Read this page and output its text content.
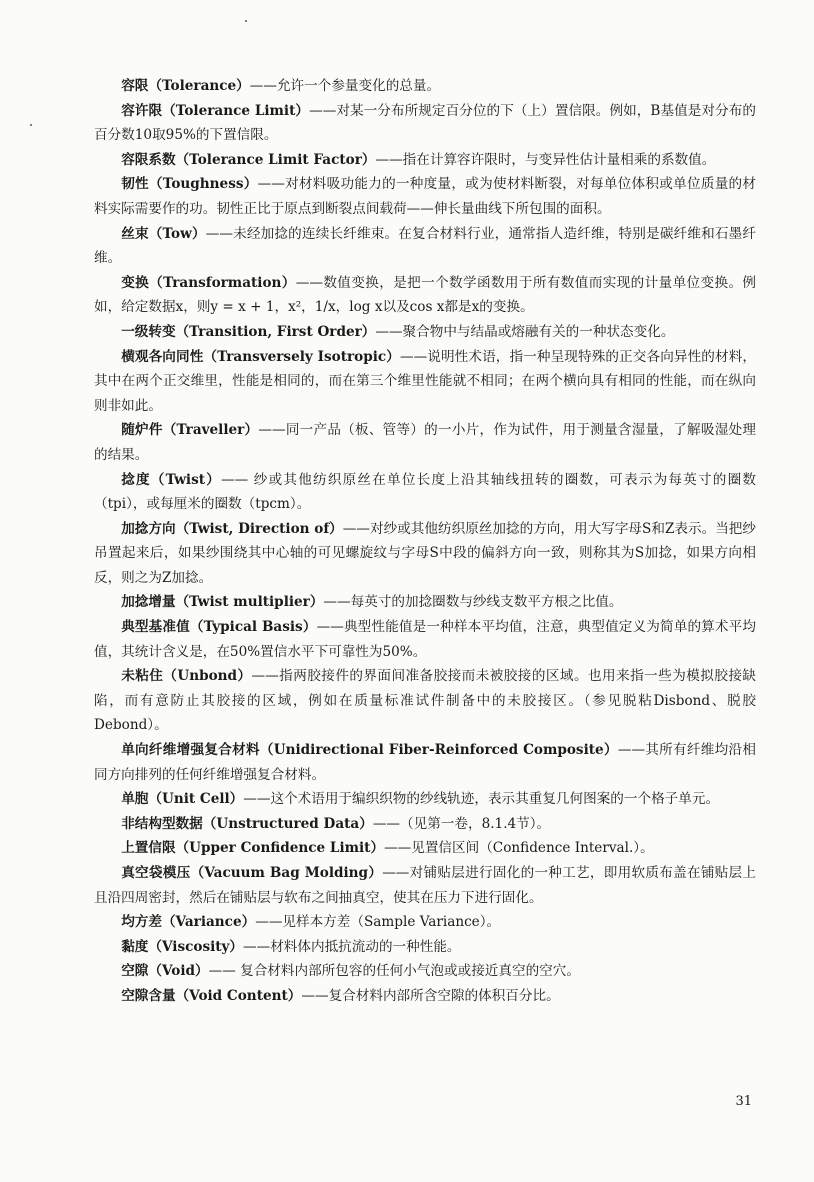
容限（Tolerance）——允许一个参量变化的总量。

容许限（Tolerance Limit）——对某一分布所规定百分位的下（上）置信限。例如，B基值是对分布的百分数10取95%的下置信限。

容限系数（Tolerance Limit Factor）——指在计算容许限时，与变异性估计量相乘的系数值。

韧性（Toughness）——对材料吸功能力的一种度量，或为使材料断裂，对每单位体积或单位质量的材料实际需要作的功。韧性正比于原点到断裂点间载荷——伸长量曲线下所包围的面积。

丝束（Tow）——未经加捻的连续长纤维束。在复合材料行业，通常指人造纤维，特别是碳纤维和石墨纤维。

变换（Transformation）——数值变换，是把一个数学函数用于所有数值而实现的计量单位变换。例如，给定数据x，则y = x + 1，x²，1/x，log x以及cos x都是x的变换。

一级转变（Transition, First Order）——聚合物中与结晶或熔融有关的一种状态变化。

横观各向同性（Transversely Isotropic）——说明性术语，指一种呈现特殊的正交各向异性的材料，其中在两个正交维里，性能是相同的，而在第三个维里性能就不相同；在两个横向具有相同的性能，而在纵向则非如此。

随炉件（Traveller）——同一产品（板、管等）的一小片，作为试件，用于测量含湿量，了解吸湿处理的结果。

捻度（Twist）—— 纱或其他纺织原丝在单位长度上沿其轴线扭转的圈数，可表示为每英寸的圈数（tpi），或每厘米的圈数（tpcm）。

加捻方向（Twist, Direction of）——对纱或其他纺织原丝加捻的方向，用大写字母S和Z表示。当把纱吊置起来后，如果纱围绕其中心轴的可见螺旋纹与字母S中段的偏斜方向一致，则称其为S加捻，如果方向相反，则之为Z加捻。

加捻增量（Twist multiplier）——每英寸的加捻圈数与纱线支数平方根之比值。

典型基准值（Typical Basis）——典型性能值是一种样本平均值，注意，典型值定义为简单的算术平均值，其统计含义是，在50%置信水平下可靠性为50%。

未粘住（Unbond）——指两胶接件的界面间准备胶接而未被胶接的区域。也用来指一些为模拟胶接缺陷，而有意防止其胶接的区域，例如在质量标准试件制备中的未胶接区。（参见脱粘Disbond、脱胶 Debond）。

单向纤维增强复合材料（Unidirectional Fiber-Reinforced Composite）——其所有纤维均沿相同方向排列的任何纤维增强复合材料。

单胞（Unit Cell）——这个术语用于编织织物的纱线轨迹，表示其重复几何图案的一个格子单元。

非结构型数据（Unstructured Data）——（见第一卷，8.1.4节）。

上置信限（Upper Confidence Limit）——见置信区间（Confidence Interval.）。

真空袋模压（Vacuum Bag Molding）——对铺贴层进行固化的一种工艺，即用软质布盖在铺贴层上且沿四周密封，然后在铺贴层与软布之间抽真空，使其在压力下进行固化。

均方差（Variance）——见样本方差（Sample Variance）。

黏度（Viscosity）——材料体内抵抗流动的一种性能。

空隙（Void）—— 复合材料内部所包容的任何小气泡或或接近真空的空穴。

空隙含量（Void Content）——复合材料内部所含空隙的体积百分比。

31
